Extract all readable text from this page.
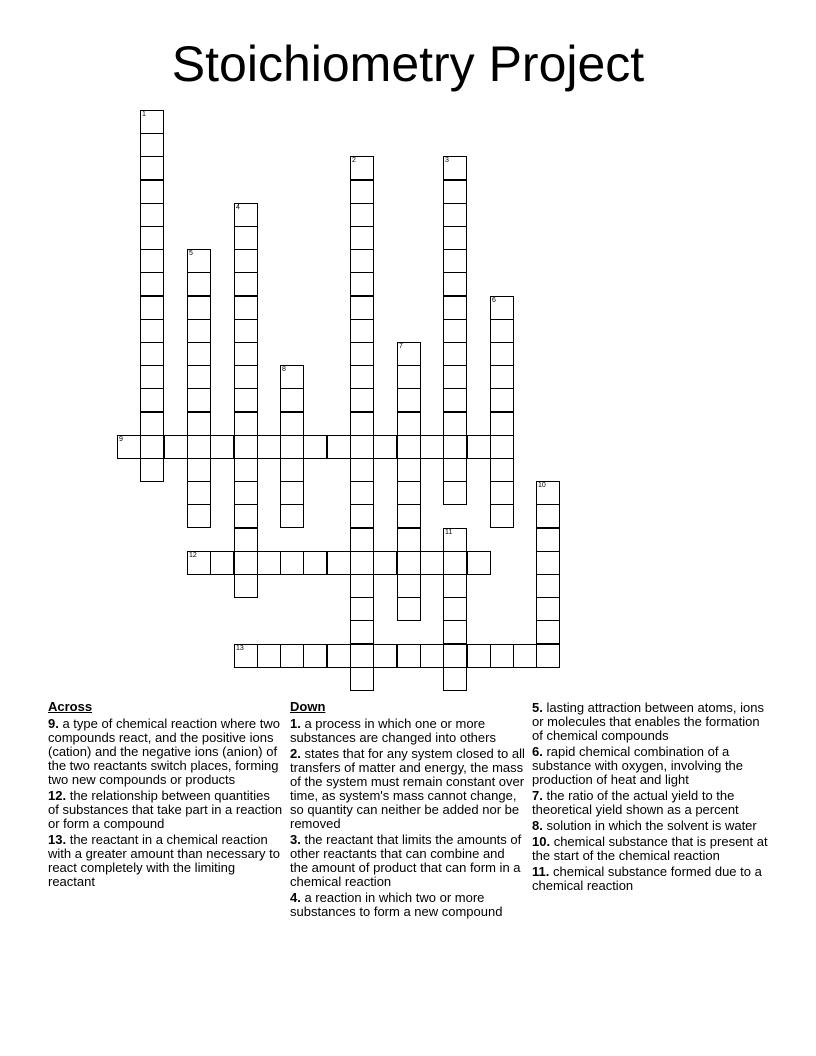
Stoichiometry Project
1
2	3
4
5
6
7
8
9
10
11
12
13
Across
9. a type of chemical reaction where two compounds react, and the positive ions (cation) and the negative ions (anion) of the two reactants switch places, forming two new compounds or products
12. the relationship between quantities of substances that take part in a reaction or form a compound
13. the reactant in a chemical reaction with a greater amount than necessary to react completely with the limiting reactant
Down
1. a process in which one or more substances are changed into others
2. states that for any system closed to all transfers of matter and energy, the mass of the system must remain constant over time, as system's mass cannot change, so quantity can neither be added nor be removed
3. the reactant that limits the amounts of other reactants that can combine and the amount of product that can form in a chemical reaction
4. a reaction in which two or more substances to form a new compound
5. lasting attraction between atoms, ions or molecules that enables the formation of chemical compounds
6. rapid chemical combination of a substance with oxygen, involving the production of heat and light
7. the ratio of the actual yield to the theoretical yield shown as a percent
8. solution in which the solvent is water
10. chemical substance that is present at the start of the chemical reaction
11. chemical substance formed due to a chemical reaction
